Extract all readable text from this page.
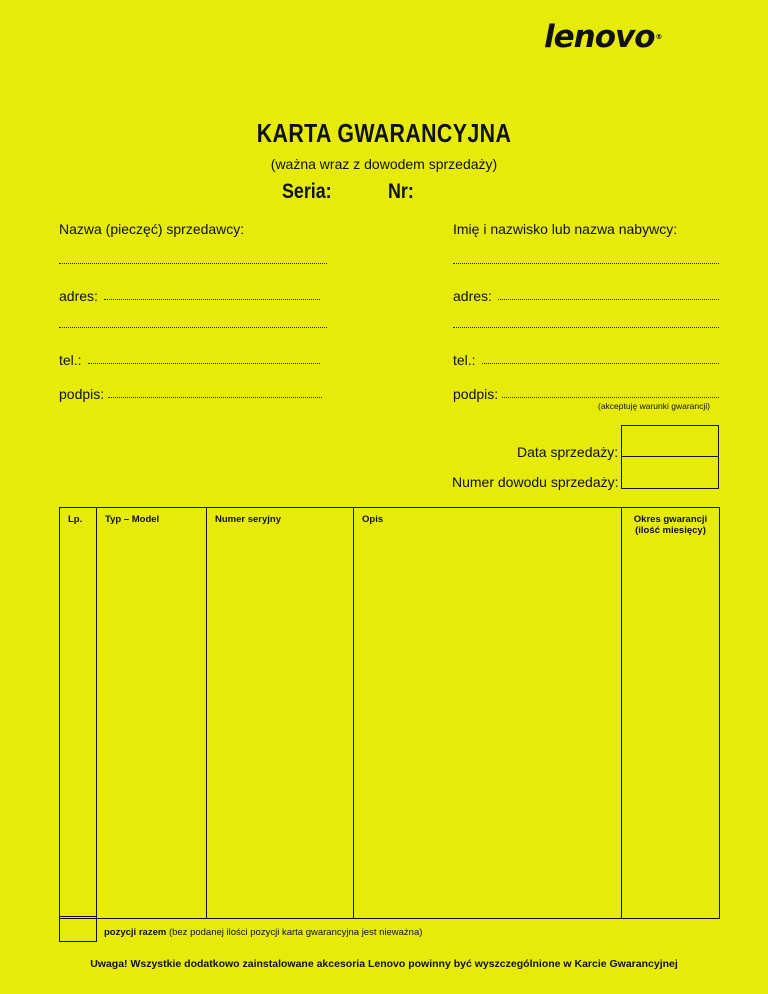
lenovo®
KARTA GWARANCYJNA
(ważna wraz z dowodem sprzedaży)
Seria:	Nr:
Nazwa (pieczęć) sprzedawcy:
adres:
tel.:
podpis:
Imię i nazwisko lub nazwa nabywcy:
adres:
tel.:
podpis:
(akceptuję warunki gwarancji)
Data sprzedaży:
Numer dowodu sprzedaży:
Lp.	Typ – Model	Numer seryjny	Opis	Okres gwarancji (ilość miesięcy)

pozycji razem (bez podanej ilości pozycji karta gwarancyjna jest nieważna)
Uwaga! Wszystkie dodatkowo zainstalowane akcesoria Lenovo powinny być wyszczególnione w Karcie Gwarancyjnej
